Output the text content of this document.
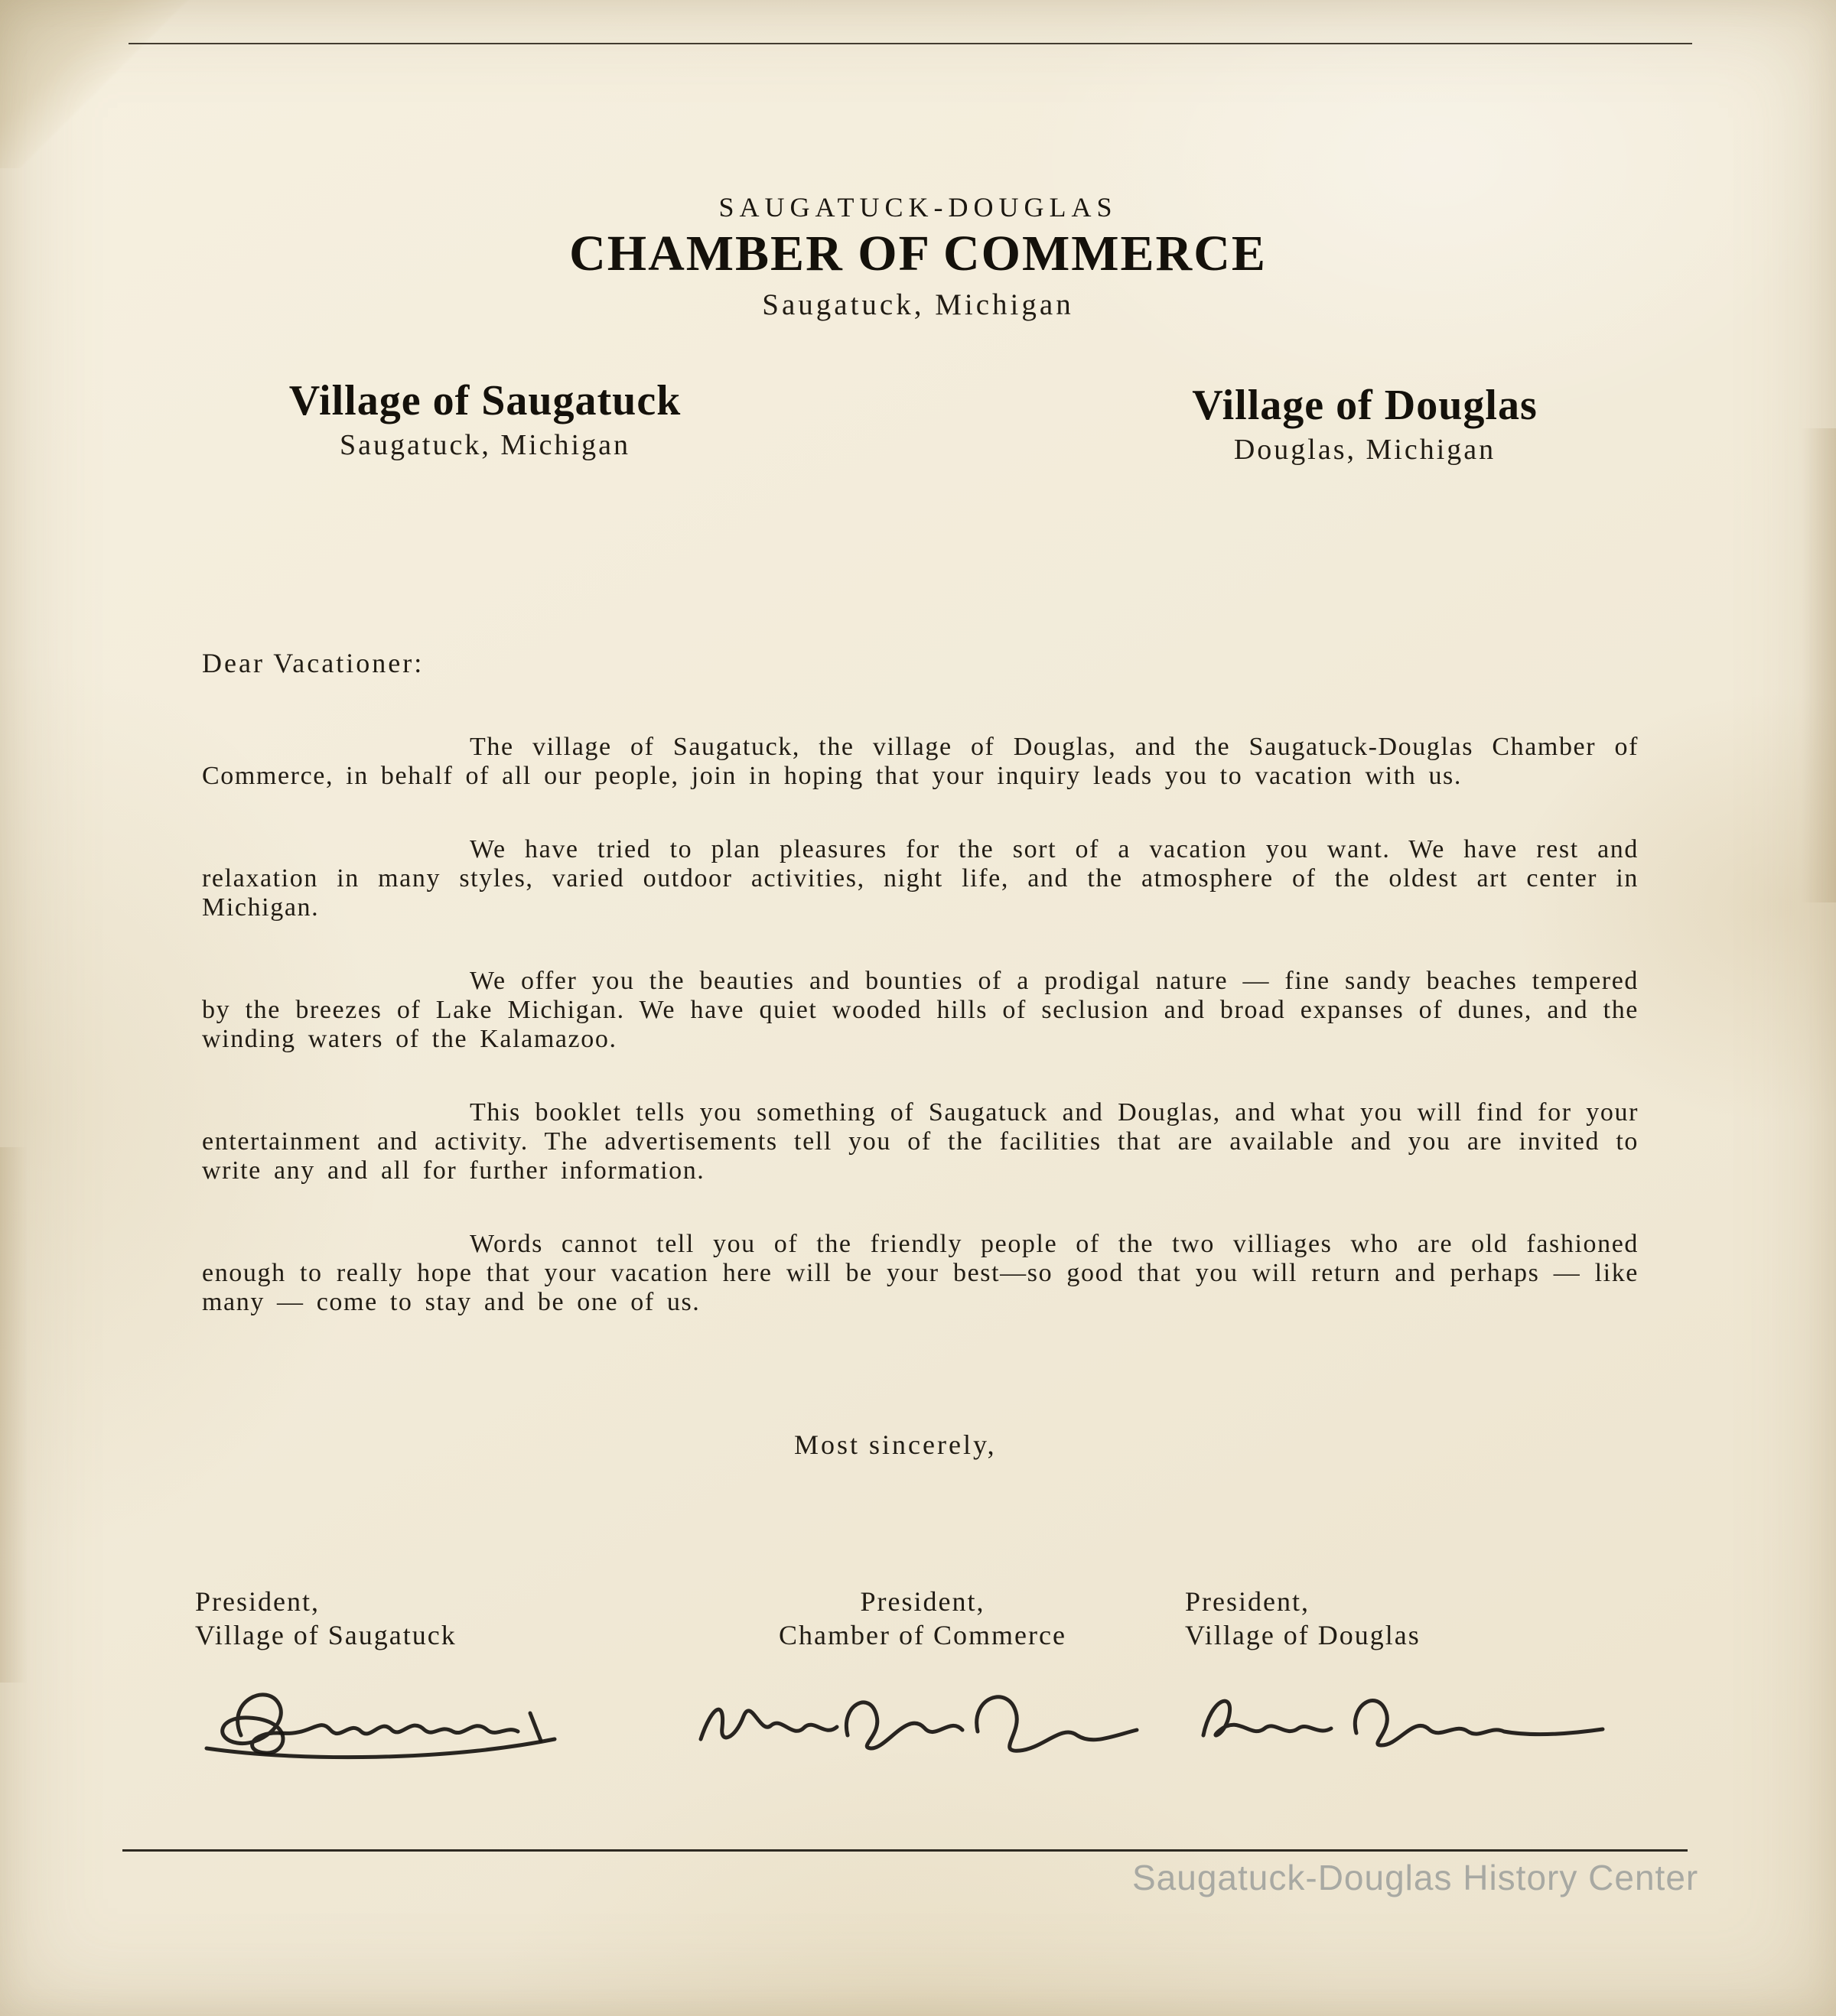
SAUGATUCK-DOUGLAS
CHAMBER OF COMMERCE
Saugatuck, Michigan
Village of Saugatuck
Saugatuck, Michigan
Village of Douglas
Douglas, Michigan
Dear Vacationer:

The village of Saugatuck, the village of Douglas, and the Saugatuck-Douglas Chamber of Commerce, in behalf of all our people, join in hoping that your inquiry leads you to vacation with us.

We have tried to plan pleasures for the sort of a vacation you want. We have rest and relaxation in many styles, varied outdoor activities, night life, and the atmosphere of the oldest art center in Michigan.

We offer you the beauties and bounties of a prodigal nature — fine sandy beaches tempered by the breezes of Lake Michigan. We have quiet wooded hills of seclusion and broad expanses of dunes, and the winding waters of the Kalamazoo.

This booklet tells you something of Saugatuck and Douglas, and what you will find for your entertainment and activity. The advertisements tell you of the facilities that are available and you are invited to write any and all for further information.

Words cannot tell you of the friendly people of the two villiages who are old fashioned enough to really hope that your vacation here will be your best—so good that you will return and perhaps — like many — come to stay and be one of us.

Most sincerely,
President,
Village of Saugatuck
President,
Chamber of Commerce
President,
Village of Douglas
Saugatuck-Douglas History Center
